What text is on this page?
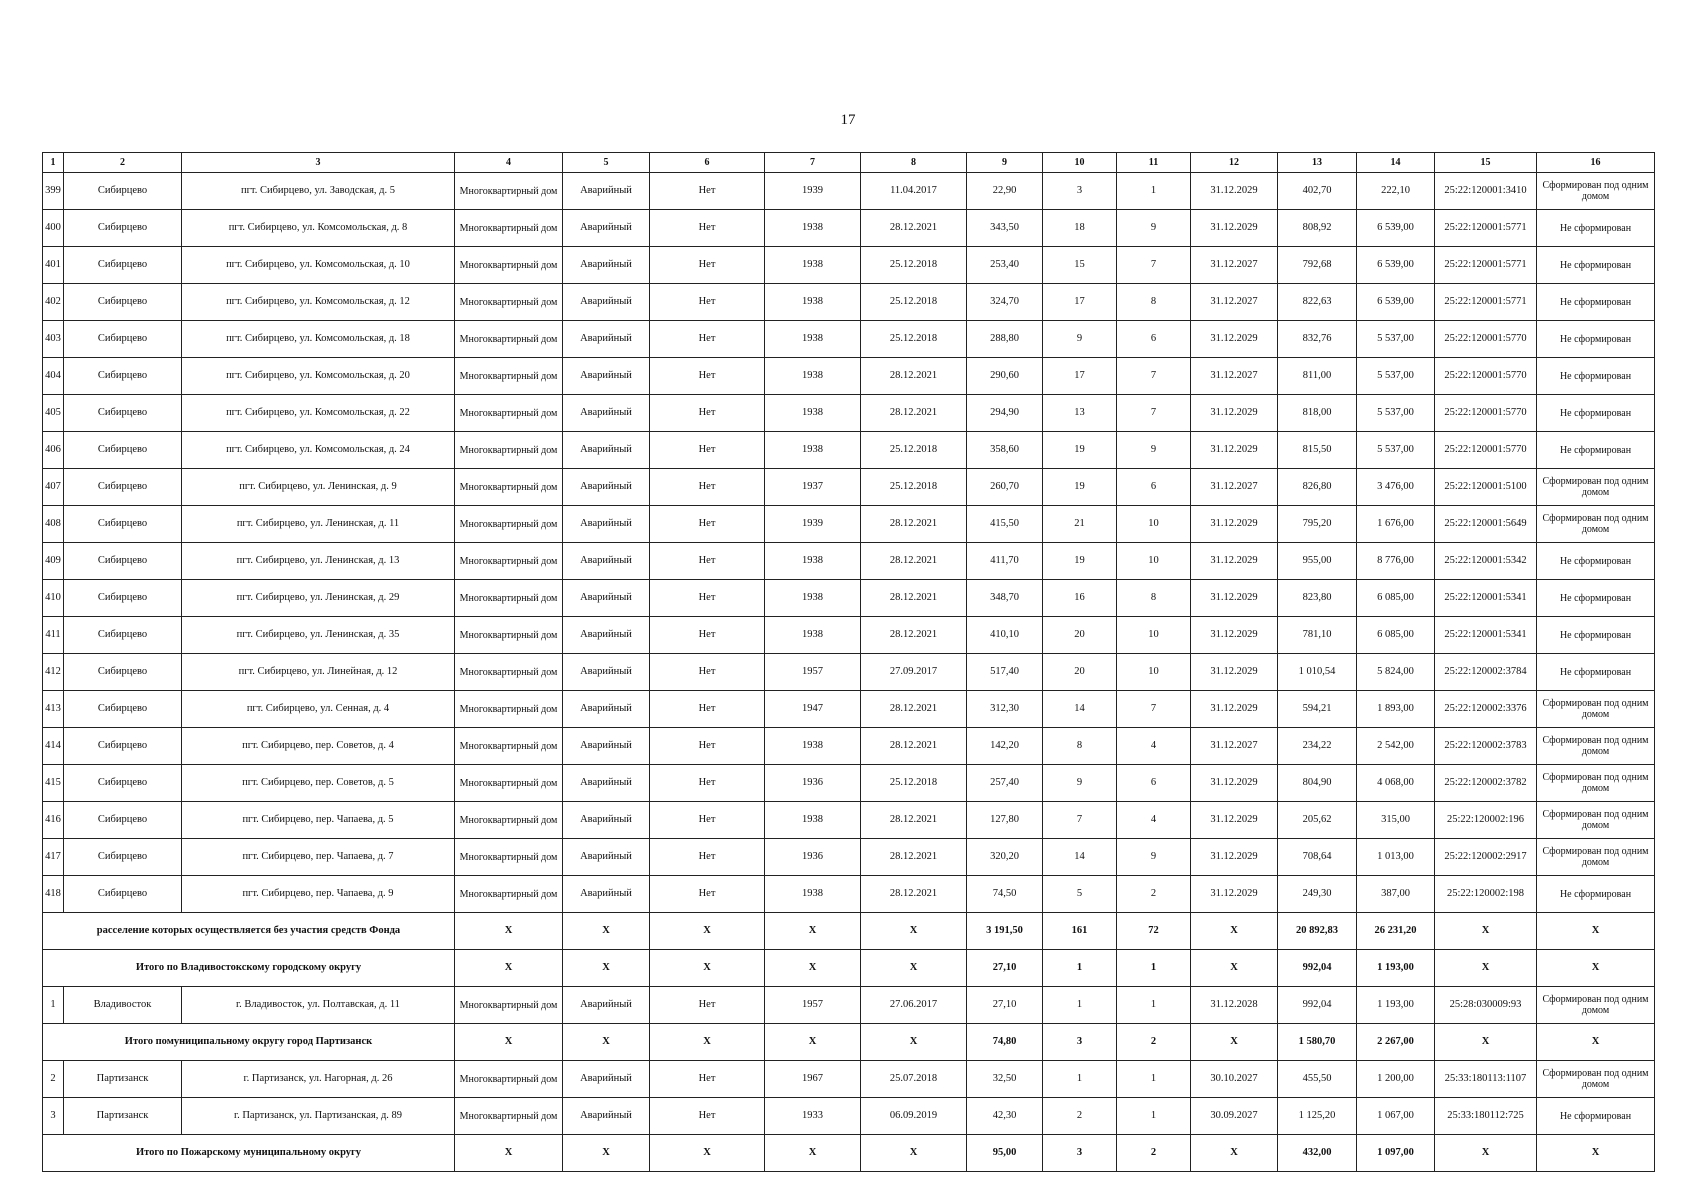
17
1	2	3	4	5	6	7	8	9	10	11	12	13	14	15	16
399	Сибирцево	пгт. Сибирцево, ул. Заводская, д. 5	Многоквартирный дом	Аварийный	Нет	1939	11.04.2017	22,90	3	1	31.12.2029	402,70	222,10	25:22:120001:3410	Сформирован под одним домом
400	Сибирцево	пгт. Сибирцево, ул. Комсомольская, д. 8	Многоквартирный дом	Аварийный	Нет	1938	28.12.2021	343,50	18	9	31.12.2029	808,92	6 539,00	25:22:120001:5771	Не сформирован
401	Сибирцево	пгт. Сибирцево, ул. Комсомольская, д. 10	Многоквартирный дом	Аварийный	Нет	1938	25.12.2018	253,40	15	7	31.12.2027	792,68	6 539,00	25:22:120001:5771	Не сформирован
402	Сибирцево	пгт. Сибирцево, ул. Комсомольская, д. 12	Многоквартирный дом	Аварийный	Нет	1938	25.12.2018	324,70	17	8	31.12.2027	822,63	6 539,00	25:22:120001:5771	Не сформирован
403	Сибирцево	пгт. Сибирцево, ул. Комсомольская, д. 18	Многоквартирный дом	Аварийный	Нет	1938	25.12.2018	288,80	9	6	31.12.2029	832,76	5 537,00	25:22:120001:5770	Не сформирован
404	Сибирцево	пгт. Сибирцево, ул. Комсомольская, д. 20	Многоквартирный дом	Аварийный	Нет	1938	28.12.2021	290,60	17	7	31.12.2027	811,00	5 537,00	25:22:120001:5770	Не сформирован
405	Сибирцево	пгт. Сибирцево, ул. Комсомольская, д. 22	Многоквартирный дом	Аварийный	Нет	1938	28.12.2021	294,90	13	7	31.12.2029	818,00	5 537,00	25:22:120001:5770	Не сформирован
406	Сибирцево	пгт. Сибирцево, ул. Комсомольская, д. 24	Многоквартирный дом	Аварийный	Нет	1938	25.12.2018	358,60	19	9	31.12.2029	815,50	5 537,00	25:22:120001:5770	Не сформирован
407	Сибирцево	пгт. Сибирцево, ул. Ленинская, д. 9	Многоквартирный дом	Аварийный	Нет	1937	25.12.2018	260,70	19	6	31.12.2027	826,80	3 476,00	25:22:120001:5100	Сформирован под одним домом
408	Сибирцево	пгт. Сибирцево, ул. Ленинская, д. 11	Многоквартирный дом	Аварийный	Нет	1939	28.12.2021	415,50	21	10	31.12.2029	795,20	1 676,00	25:22:120001:5649	Сформирован под одним домом
409	Сибирцево	пгт. Сибирцево, ул. Ленинская, д. 13	Многоквартирный дом	Аварийный	Нет	1938	28.12.2021	411,70	19	10	31.12.2029	955,00	8 776,00	25:22:120001:5342	Не сформирован
410	Сибирцево	пгт. Сибирцево, ул. Ленинская, д. 29	Многоквартирный дом	Аварийный	Нет	1938	28.12.2021	348,70	16	8	31.12.2029	823,80	6 085,00	25:22:120001:5341	Не сформирован
411	Сибирцево	пгт. Сибирцево, ул. Ленинская, д. 35	Многоквартирный дом	Аварийный	Нет	1938	28.12.2021	410,10	20	10	31.12.2029	781,10	6 085,00	25:22:120001:5341	Не сформирован
412	Сибирцево	пгт. Сибирцево, ул. Линейная, д. 12	Многоквартирный дом	Аварийный	Нет	1957	27.09.2017	517,40	20	10	31.12.2029	1 010,54	5 824,00	25:22:120002:3784	Не сформирован
413	Сибирцево	пгт. Сибирцево, ул. Сенная, д. 4	Многоквартирный дом	Аварийный	Нет	1947	28.12.2021	312,30	14	7	31.12.2029	594,21	1 893,00	25:22:120002:3376	Сформирован под одним домом
414	Сибирцево	пгт. Сибирцево, пер. Советов, д. 4	Многоквартирный дом	Аварийный	Нет	1938	28.12.2021	142,20	8	4	31.12.2027	234,22	2 542,00	25:22:120002:3783	Сформирован под одним домом
415	Сибирцево	пгт. Сибирцево, пер. Советов, д. 5	Многоквартирный дом	Аварийный	Нет	1936	25.12.2018	257,40	9	6	31.12.2029	804,90	4 068,00	25:22:120002:3782	Сформирован под одним домом
416	Сибирцево	пгт. Сибирцево, пер. Чапаева, д. 5	Многоквартирный дом	Аварийный	Нет	1938	28.12.2021	127,80	7	4	31.12.2029	205,62	315,00	25:22:120002:196	Сформирован под одним домом
417	Сибирцево	пгт. Сибирцево, пер. Чапаева, д. 7	Многоквартирный дом	Аварийный	Нет	1936	28.12.2021	320,20	14	9	31.12.2029	708,64	1 013,00	25:22:120002:2917	Сформирован под одним домом
418	Сибирцево	пгт. Сибирцево, пер. Чапаева, д. 9	Многоквартирный дом	Аварийный	Нет	1938	28.12.2021	74,50	5	2	31.12.2029	249,30	387,00	25:22:120002:198	Не сформирован
расселение которых осуществляется без участия средств Фонда			X	X	X	X	X	3 191,50	161	72	X	20 892,83	26 231,20	X	X
Итого по Владивостокскому городскому округу			X	X	X	X	X	27,10	1	1	X	992,04	1 193,00	X	X
1	Владивосток	г. Владивосток, ул. Полтавская, д. 11	Многоквартирный дом	Аварийный	Нет	1957	27.06.2017	27,10	1	1	31.12.2028	992,04	1 193,00	25:28:030009:93	Сформирован под одним домом
Итого помуниципальному округу город Партизанск			X	X	X	X	X	74,80	3	2	X	1 580,70	2 267,00	X	X
2	Партизанск	г. Партизанск, ул. Нагорная, д. 26	Многоквартирный дом	Аварийный	Нет	1967	25.07.2018	32,50	1	1	30.10.2027	455,50	1 200,00	25:33:180113:1107	Сформирован под одним домом
3	Партизанск	г. Партизанск, ул. Партизанская, д. 89	Многоквартирный дом	Аварийный	Нет	1933	06.09.2019	42,30	2	1	30.09.2027	1 125,20	1 067,00	25:33:180112:725	Не сформирован
Итого по Пожарскому муниципальному округу			X	X	X	X	X	95,00	3	2	X	432,00	1 097,00	X	X
